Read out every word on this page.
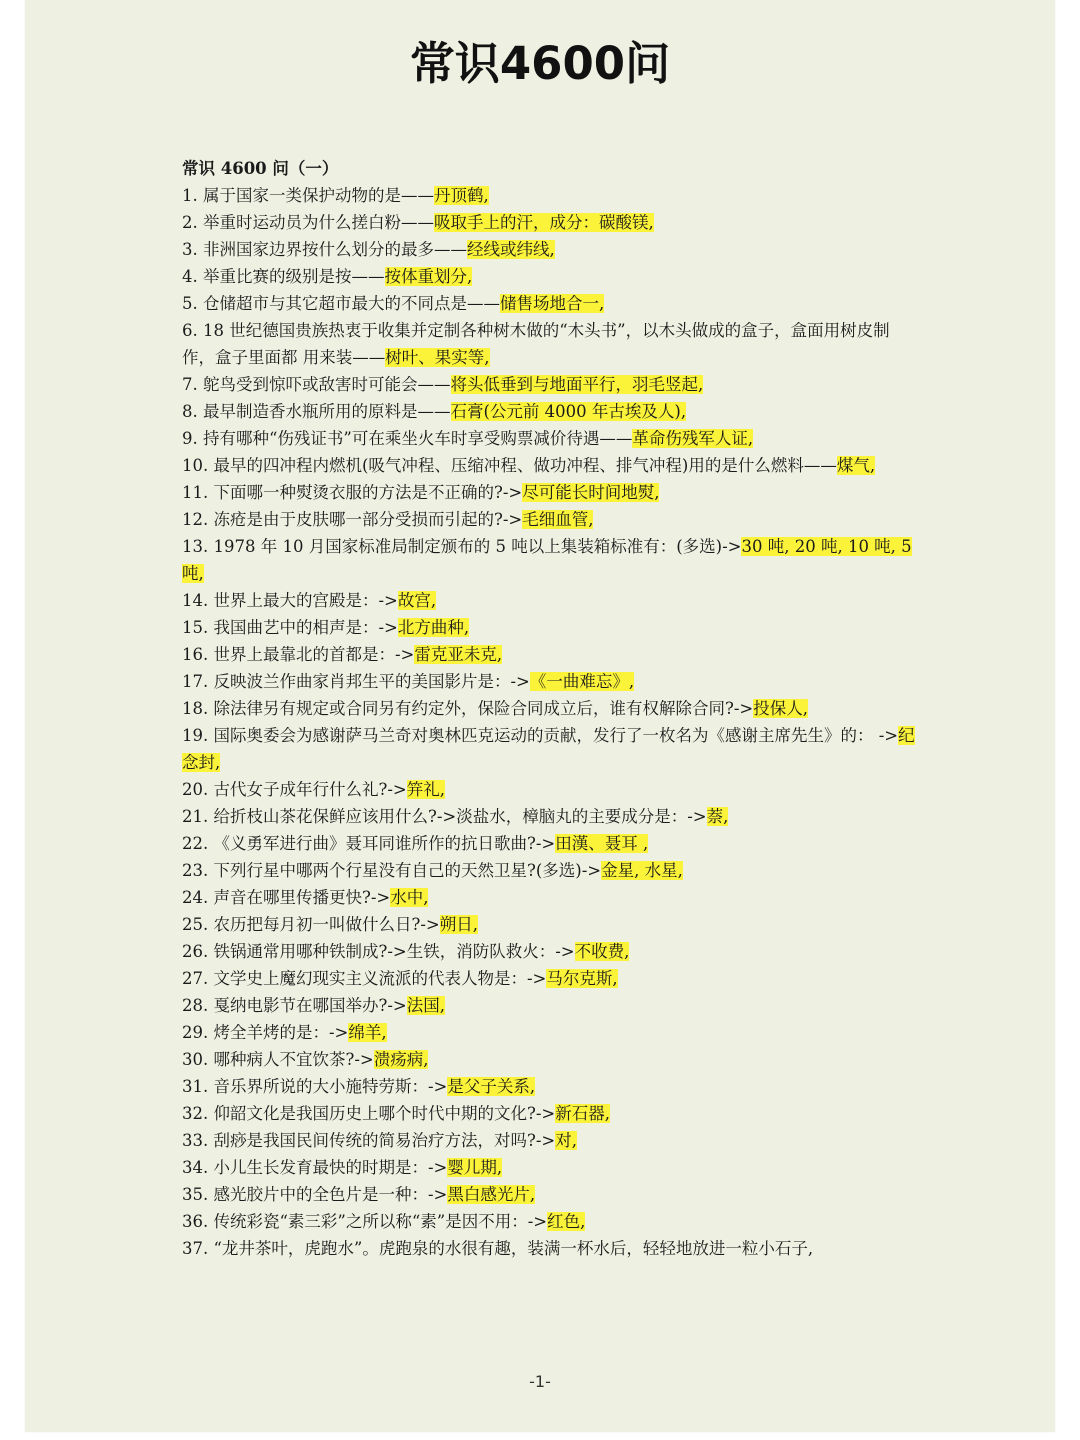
常识4600问
常识 4600 问（一）
1. 属于国家一类保护动物的是——丹顶鹤,
2. 举重时运动员为什么搓白粉——吸取手上的汗，成分：碳酸镁,
3. 非洲国家边界按什么划分的最多——经线或纬线,
4. 举重比赛的级别是按——按体重划分,
5. 仓储超市与其它超市最大的不同点是——储售场地合一,
6. 18 世纪德国贵族热衷于收集并定制各种树木做的“木头书”，以木头做成的盒子，盒面用树皮制作，盒子里面都 用来装——树叶、果实等,
7. 鸵鸟受到惊吓或敌害时可能会——将头低垂到与地面平行，羽毛竖起,
8. 最早制造香水瓶所用的原料是——石膏(公元前 4000 年古埃及人),
9. 持有哪种“伤残证书”可在乘坐火车时享受购票减价待遇——革命伤残军人证,
10. 最早的四冲程内燃机(吸气冲程、压缩冲程、做功冲程、排气冲程)用的是什么燃料——煤气,
11. 下面哪一种熨烫衣服的方法是不正确的?->尽可能长时间地熨,
12. 冻疮是由于皮肤哪一部分受损而引起的?->毛细血管,
13. 1978 年 10 月国家标准局制定颁布的 5 吨以上集装箱标准有：(多选)->30 吨, 20 吨, 10 吨, 5 吨,
14. 世界上最大的宫殿是：->故宫,
15. 我国曲艺中的相声是：->北方曲种,
16. 世界上最靠北的首都是：->雷克亚未克,
17. 反映波兰作曲家肖邦生平的美国影片是：->《一曲难忘》,
18. 除法律另有规定或合同另有约定外，保险合同成立后，谁有权解除合同?->投保人,
19. 国际奥委会为感谢萨马兰奇对奥林匹克运动的贡献，发行了一枚名为《感谢主席先生》的： ->纪念封,
20. 古代女子成年行什么礼?->笄礼,
21. 给折枝山茶花保鲜应该用什么?->淡盐水，樟脑丸的主要成分是：->萘,
22. 《义勇军进行曲》聂耳同谁所作的抗日歌曲?->田漢、聂耳 ,
23. 下列行星中哪两个行星没有自己的天然卫星?(多选)->金星, 水星,
24. 声音在哪里传播更快?->水中,
25. 农历把每月初一叫做什么日?->朔日,
26. 铁锅通常用哪种铁制成?->生铁，消防队救火：->不收费,
27. 文学史上魔幻现实主义流派的代表人物是：->马尔克斯,
28. 戛纳电影节在哪国举办?->法国,
29. 烤全羊烤的是：->绵羊,
30. 哪种病人不宜饮茶?->溃疡病,
31. 音乐界所说的大小施特劳斯：->是父子关系,
32. 仰韶文化是我国历史上哪个时代中期的文化?->新石器,
33. 刮痧是我国民间传统的简易治疗方法，对吗?->对,
34. 小儿生长发育最快的时期是：->婴儿期,
35. 感光胶片中的全色片是一种：->黑白感光片,
36. 传统彩瓷“素三彩”之所以称“素”是因不用：->红色,
37. “龙井茶叶，虎跑水”。虎跑泉的水很有趣，装满一杯水后，轻轻地放进一粒小石子,
-1-
